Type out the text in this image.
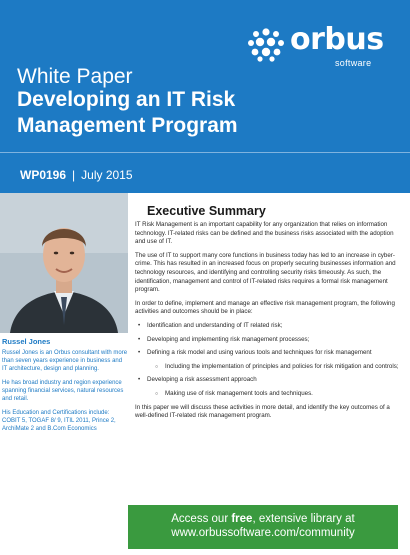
orbus
software
White Paper
Developing an IT Risk Management Program
WP0196 | July 2015
Russel Jones

Russel Jones is an Orbus consultant with more than seven years experience in business and IT architecture, design and planning.

He has broad industry and region experience spanning financial services, natural resources and retail.

His Education and Certifications include: COBIT 5, TOGAF 8/ 9, ITIL 2011, Prince 2, ArchiMate 2 and B.Com Economics

Executive Summary

IT Risk Management is an important capability for any organization that relies on information technology. IT-related risks can be defined and the business risks associated with the adoption and use of IT.

The use of IT to support many core functions in business today has led to an increase in cyber-crime. This has resulted in an increased focus on properly securing businesses information and technology resources, and identifying and controlling security risks timeously. As such, the identification, management and control of IT-related risks requires a formal risk management program.

In order to define, implement and manage an effective risk management program, the following activities and outcomes should be in place:

• Identification and understanding of IT related risk;
• Developing and implementing risk management processes;
• Defining a risk model and using various tools and techniques for risk management
○ Including the implementation of principles and policies for risk mitigation and controls;
• Developing a risk assessment approach
○ Making use of risk management tools and techniques.

In this paper we will discuss these activities in more detail, and identify the key outcomes of a well-defined IT-related risk management program.

Access our free, extensive library at
www.orbussoftware.com/community
